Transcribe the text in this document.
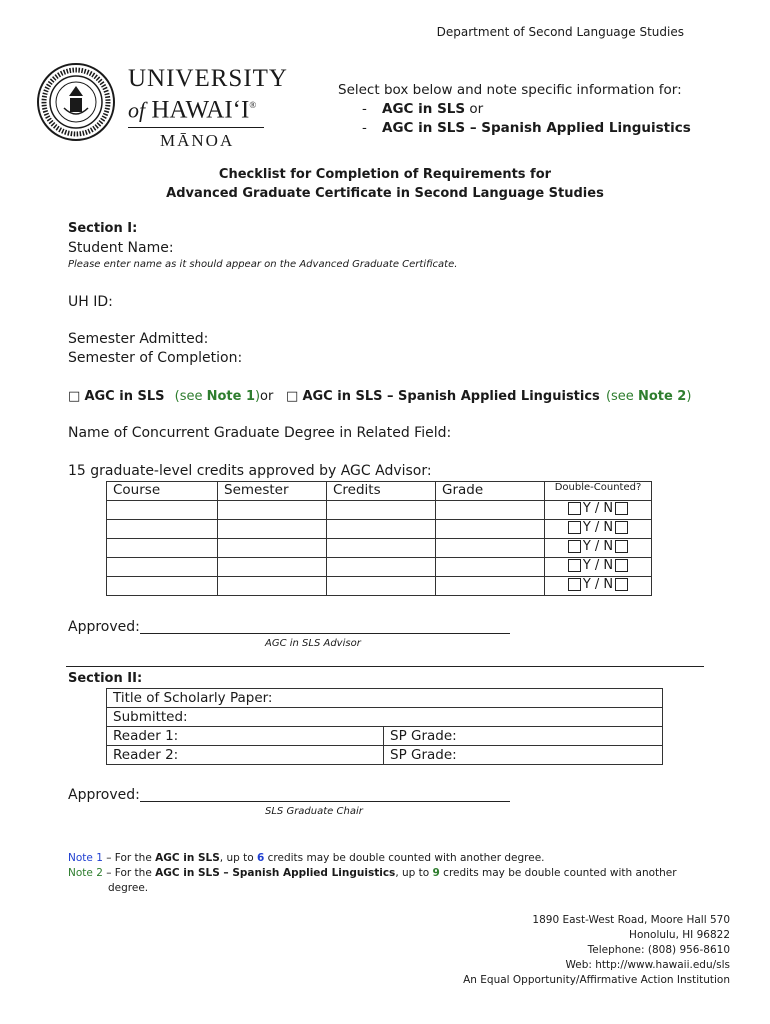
Department of Second Language Studies
UNIVERSITY
of HAWAIʻI®
MĀNOA
Select box below and note specific information for:
- AGC in SLS or
- AGC in SLS – Spanish Applied Linguistics
Checklist for Completion of Requirements for
Advanced Graduate Certificate in Second Language Studies
Section I:
Student Name:
Please enter name as it should appear on the Advanced Graduate Certificate.
UH ID:
Semester Admitted:
Semester of Completion:
□ AGC in SLS (see Note 1) or □ AGC in SLS – Spanish Applied Linguistics (see Note 2)
Name of Concurrent Graduate Degree in Related Field:
15 graduate-level credits approved by AGC Advisor:
Course	Semester	Credits	Grade	Double-Counted?

				Y / N

				Y / N

				Y / N

				Y / N

				Y / N
Approved:
AGC in SLS Advisor
Section II:
Title of Scholarly Paper:	
Submitted:	
Reader 1:	SP Grade:
Reader 2:	SP Grade:
Approved:
SLS Graduate Chair
Note 1 – For the AGC in SLS, up to 6 credits may be double counted with another degree.
Note 2 – For the AGC in SLS – Spanish Applied Linguistics, up to 9 credits may be double counted with another
degree.
1890 East-West Road, Moore Hall 570
Honolulu, HI 96822
Telephone: (808) 956-8610
Web: http://www.hawaii.edu/sls
An Equal Opportunity/Affirmative Action Institution
